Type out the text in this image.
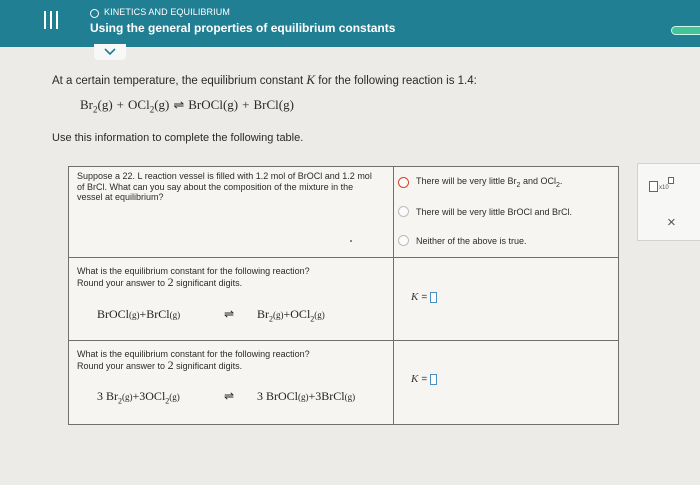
KINETICS AND EQUILIBRIUM
Using the general properties of equilibrium constants
At a certain temperature, the equilibrium constant K for the following reaction is 1.4:
$Br_2(g) + OCl_2(g)$ ⇌ BrOCl(g) + BrCl(g)
Use this information to complete the following table.
Suppose a 22. L reaction vessel is filled with 1.2 mol of BrOCl and 1.2 mol of BrCl. What can you say about the composition of the mixture in the vessel at equilibrium?
There will be very little $Br_2$ and OCl$_2$.
There will be very little BrOCl and BrCl.
Neither of the above is true.
What is the equilibrium constant for the following reaction?
Round your answer to 2 significant digits.
BrOCl(g)+BrCl(g)	⇌ $Br_2(g)+OCl_2(g)$
K =
What is the equilibrium constant for the following reaction?
Round your answer to 2 significant digits.
3 $Br_2(g)+3OCl_2(g)$	⇌ 3 BrOCl(g)+3BrCl(g)
K =
x10
×
